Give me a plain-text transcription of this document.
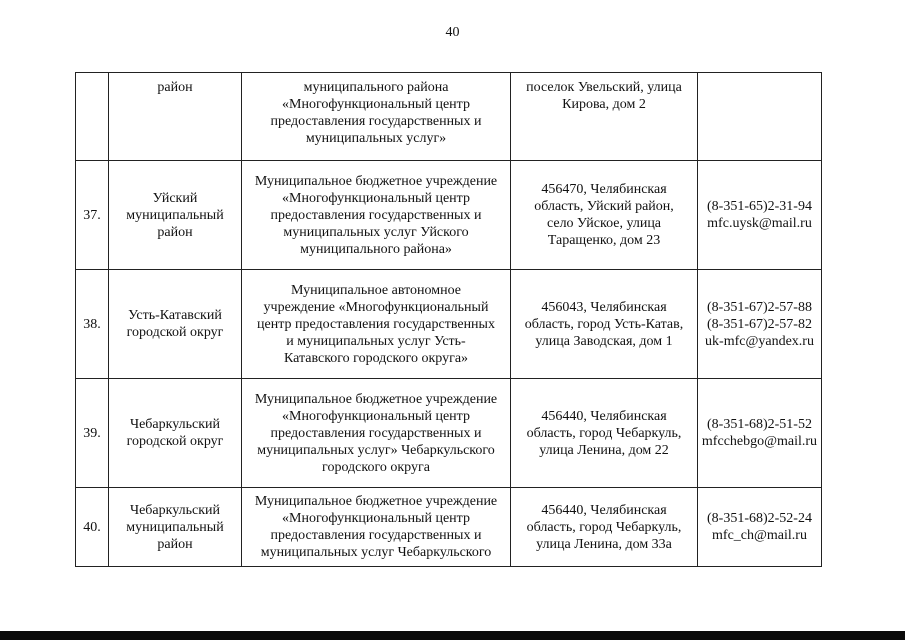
40

	район	муниципального района
«Многофункциональный центр
предоставления государственных и
муниципальных услуг»	поселок Увельский, улица
Кирова, дом 2	

37.	Уйский
муниципальный
район	Муниципальное бюджетное учреждение
«Многофункциональный центр
предоставления государственных и
муниципальных услуг Уйского
муниципального района»	456470, Челябинская
область, Уйский район,
село Уйское, улица
Таращенко, дом 23	(8-351-65)2-31-94
mfc.uysk@mail.ru

38.	Усть-Катавский
городской округ	Муниципальное автономное
учреждение «Многофункциональный
центр предоставления государственных
и муниципальных услуг Усть-
Катавского городского округа»	456043, Челябинская
область, город Усть-Катав,
улица Заводская, дом 1	(8-351-67)2-57-88
(8-351-67)2-57-82
uk-mfc@yandex.ru

39.	Чебаркульский
городской округ	Муниципальное бюджетное учреждение
«Многофункциональный центр
предоставления государственных и
муниципальных услуг» Чебаркульского
городского округа	456440, Челябинская
область, город Чебаркуль,
улица Ленина, дом 22	(8-351-68)2-51-52
mfcchebgo@mail.ru

40.	Чебаркульский
муниципальный
район	Муниципальное бюджетное учреждение
«Многофункциональный центр
предоставления государственных и
муниципальных услуг Чебаркульского	456440, Челябинская
область, город Чебаркуль,
улица Ленина, дом 33а	(8-351-68)2-52-24
mfc_ch@mail.ru
